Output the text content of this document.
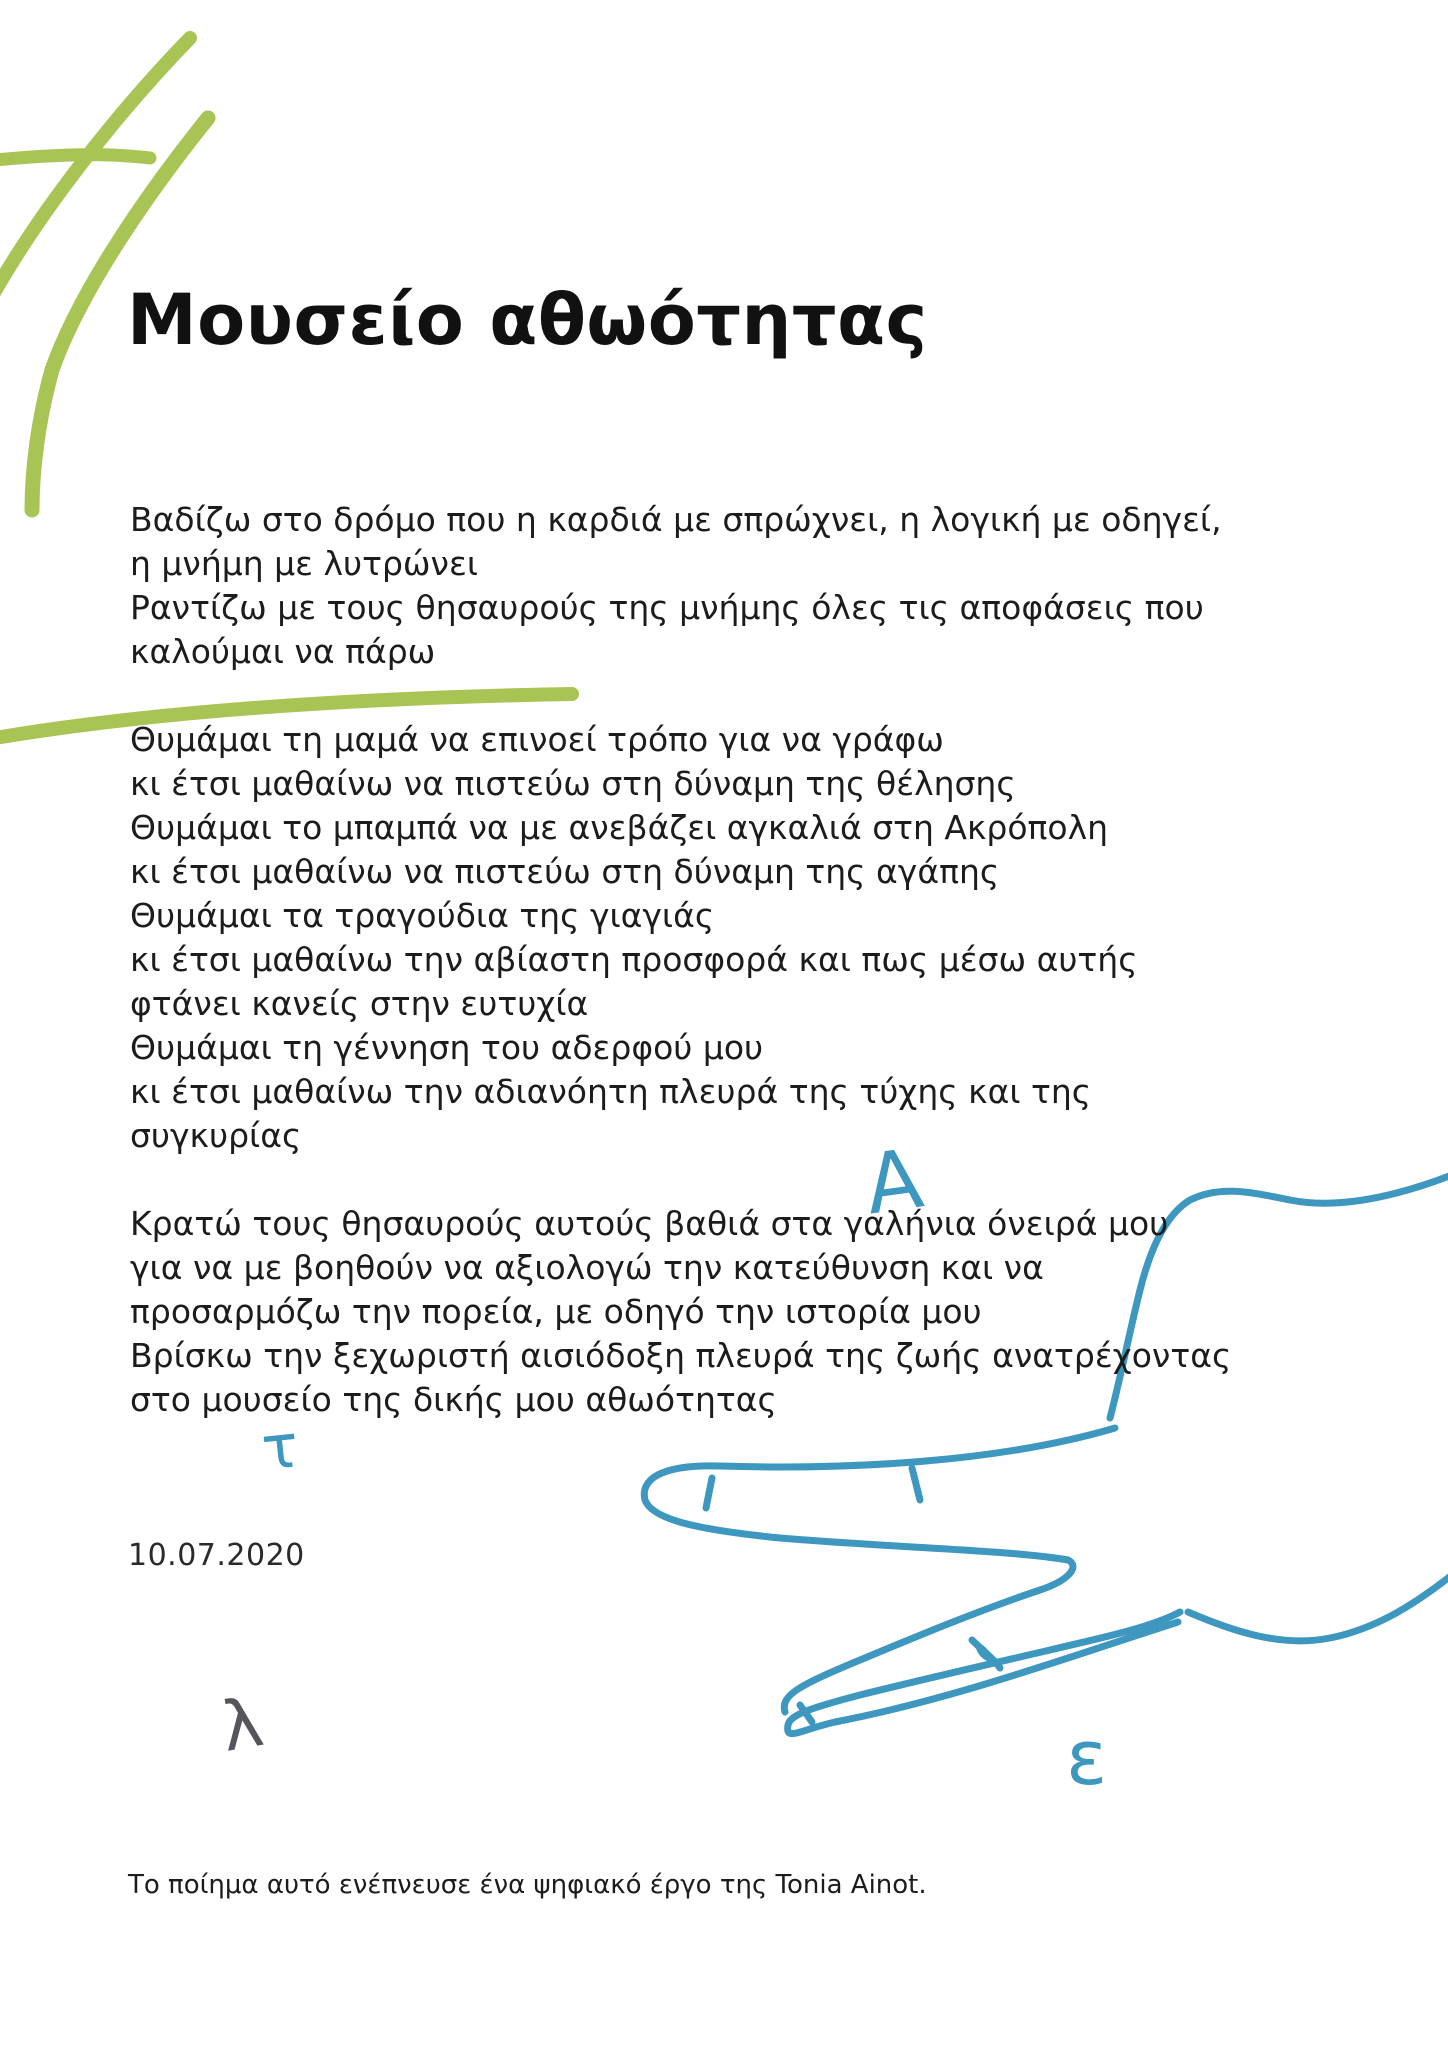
Α
τ
λ	ε
Μουσείο αθωότητας

Βαδίζω στο δρόμο που η καρδιά με σπρώχνει, η λογική με οδηγεί,
η μνήμη με λυτρώνει
Ραντίζω με τους θησαυρούς της μνήμης όλες τις αποφάσεις που
καλούμαι να πάρω

Θυμάμαι τη μαμά να επινοεί τρόπο για να γράφω
κι έτσι μαθαίνω να πιστεύω στη δύναμη της θέλησης
Θυμάμαι το μπαμπά να με ανεβάζει αγκαλιά στη Ακρόπολη
κι έτσι μαθαίνω να πιστεύω στη δύναμη της αγάπης
Θυμάμαι τα τραγούδια της γιαγιάς
κι έτσι μαθαίνω την αβίαστη προσφορά και πως μέσω αυτής
φτάνει κανείς στην ευτυχία
Θυμάμαι τη γέννηση του αδερφού μου
κι έτσι μαθαίνω την αδιανόητη πλευρά της τύχης και της
συγκυρίας

Κρατώ τους θησαυρούς αυτούς βαθιά στα γαλήνια όνειρά μου
για να με βοηθούν να αξιολογώ την κατεύθυνση και να
προσαρμόζω την πορεία, με οδηγό την ιστορία μου
Βρίσκω την ξεχωριστή αισιόδοξη πλευρά της ζωής ανατρέχοντας
στο μουσείο της δικής μου αθωότητας

10.07.2020
Το ποίημα αυτό ενέπνευσε ένα ψηφιακό έργο της Tonia Ainot.
